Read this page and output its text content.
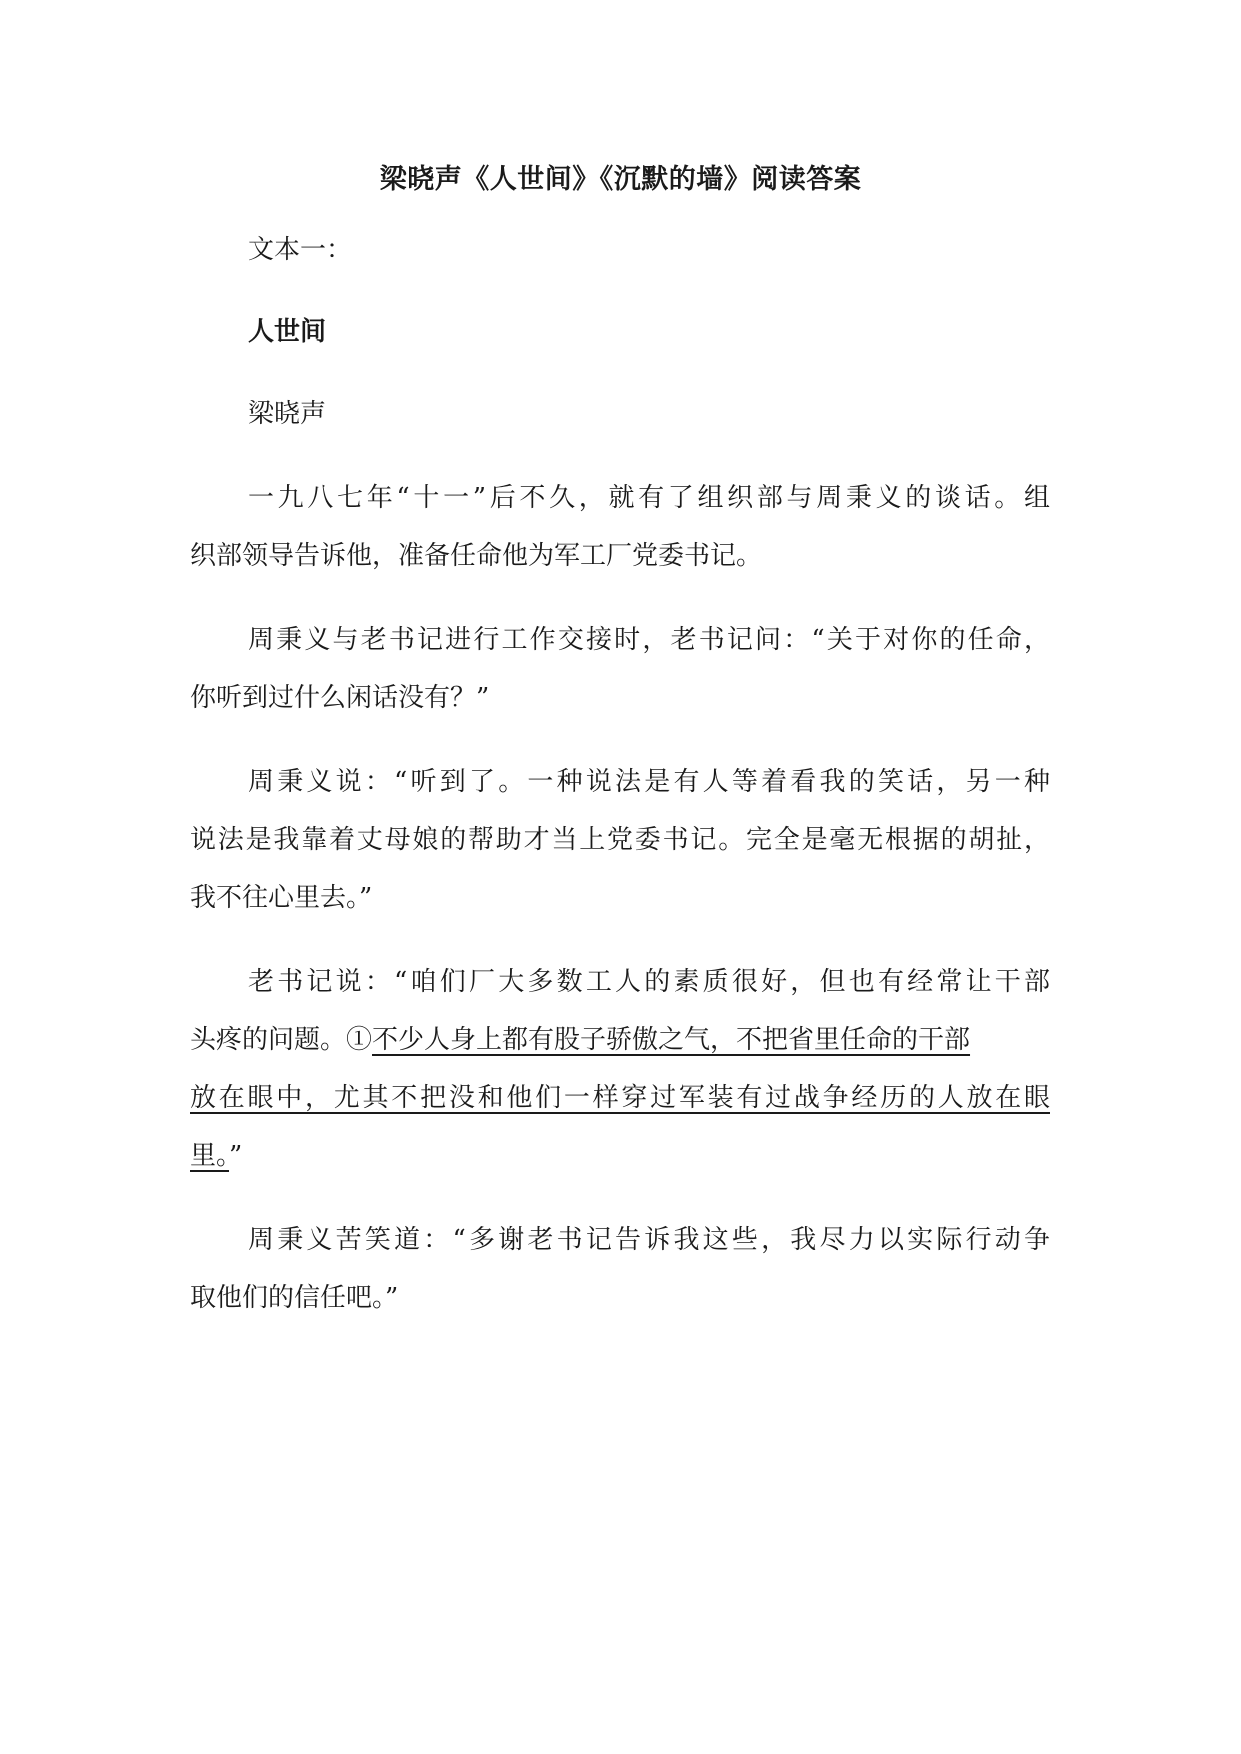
梁晓声《人世间》《沉默的墙》阅读答案

文本一：

人世间

梁晓声

一九八七年“十一”后不久，就有了组织部与周秉义的谈话。组

织部领导告诉他，准备任命他为军工厂党委书记。

周秉义与老书记进行工作交接时，老书记问：“关于对你的任命，

你听到过什么闲话没有？”

周秉义说：“听到了。一种说法是有人等着看我的笑话，另一种

说法是我靠着丈母娘的帮助才当上党委书记。完全是毫无根据的胡扯，

我不往心里去。”

老书记说：“咱们厂大多数工人的素质很好，但也有经常让干部

头疼的问题。①不少人身上都有股子骄傲之气，不把省里任命的干部

放在眼中，尤其不把没和他们一样穿过军装有过战争经历的人放在眼

里。”

周秉义苦笑道：“多谢老书记告诉我这些，我尽力以实际行动争

取他们的信任吧。”
